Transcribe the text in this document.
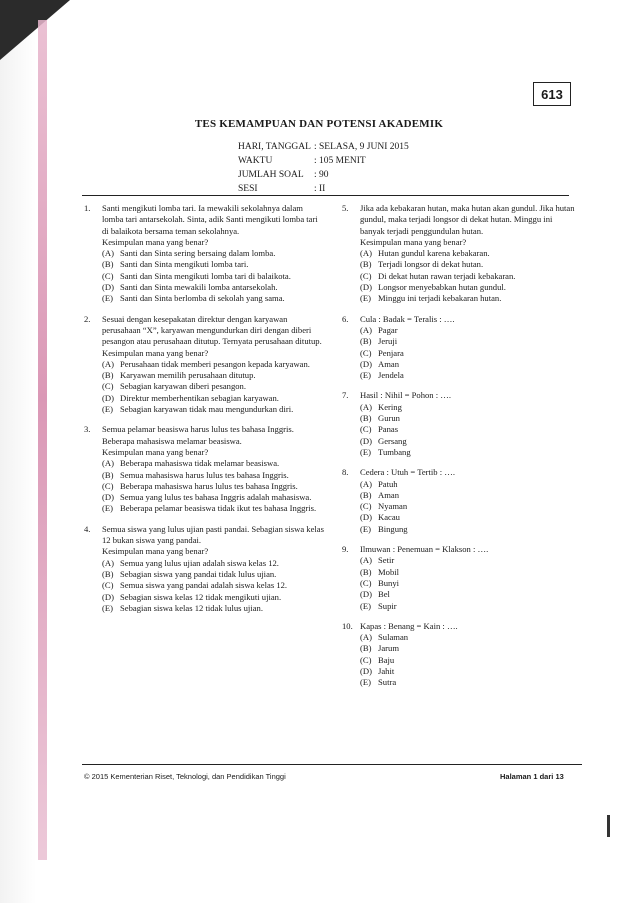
613
TES KEMAMPUAN DAN POTENSI AKADEMIK
HARI, TANGGAL : SELASA, 9 JUNI 2015
WAKTU	: 105 MENIT
JUMLAH SOAL	: 90
SESI	: II
1.	Santi mengikuti lomba tari. Ia mewakili sekolahnya dalam lomba tari antarsekolah. Sinta, adik Santi mengikuti lomba tari di balaikota bersama teman sekolahnya.
Kesimpulan mana yang benar?
(A) Santi dan Sinta sering bersaing dalam lomba.
(B) Santi dan Sinta mengikuti lomba tari.
(C) Santi dan Sinta mengikuti lomba tari di balaikota.
(D) Santi dan Sinta mewakili lomba antarsekolah.
(E) Santi dan Sinta berlomba di sekolah yang sama.
2.	Sesuai dengan kesepakatan direktur dengan karyawan perusahaan “X”, karyawan mengundurkan diri dengan diberi pesangon atau perusahaan ditutup. Ternyata perusahaan ditutup.
Kesimpulan mana yang benar?
(A) Perusahaan tidak memberi pesangon kepada karyawan.
(B) Karyawan memilih perusahaan ditutup.
(C) Sebagian karyawan diberi pesangon.
(D) Direktur memberhentikan sebagian karyawan.
(E) Sebagian karyawan tidak mau mengundurkan diri.
3.	Semua pelamar beasiswa harus lulus tes bahasa Inggris. Beberapa mahasiswa melamar beasiswa.
Kesimpulan mana yang benar?
(A) Beberapa mahasiswa tidak melamar beasiswa.
(B) Semua mahasiswa harus lulus tes bahasa Inggris.
(C) Beberapa mahasiswa harus lulus tes bahasa Inggris.
(D) Semua yang lulus tes bahasa Inggris adalah mahasiswa.
(E) Beberapa pelamar beasiswa tidak ikut tes bahasa Inggris.
4.	Semua siswa yang lulus ujian pasti pandai. Sebagian siswa kelas 12 bukan siswa yang pandai.
Kesimpulan mana yang benar?
(A) Semua yang lulus ujian adalah siswa kelas 12.
(B) Sebagian siswa yang pandai tidak lulus ujian.
(C) Semua siswa yang pandai adalah siswa kelas 12.
(D) Sebagian siswa kelas 12 tidak mengikuti ujian.
(E) Sebagian siswa kelas 12 tidak lulus ujian.
5.	Jika ada kebakaran hutan, maka hutan akan gundul. Jika hutan gundul, maka terjadi longsor di dekat hutan. Minggu ini banyak terjadi penggundulan hutan.
Kesimpulan mana yang benar?
(A) Hutan gundul karena kebakaran.
(B) Terjadi longsor di dekat hutan.
(C) Di dekat hutan rawan terjadi kebakaran.
(D) Longsor menyebabkan hutan gundul.
(E) Minggu ini terjadi kebakaran hutan.
6.	Cula : Badak = Teralis : ….
(A) Pagar
(B) Jeruji
(C) Penjara
(D) Aman
(E) Jendela
7.	Hasil : Nihil = Pohon : ….
(A) Kering
(B) Gurun
(C) Panas
(D) Gersang
(E) Tumbang
8.	Cedera : Utuh = Tertib : ….
(A) Patuh
(B) Aman
(C) Nyaman
(D) Kacau
(E) Bingung
9.	Ilmuwan : Penemuan = Klakson : ….
(A) Setir
(B) Mobil
(C) Bunyi
(D) Bel
(E) Supir
10. Kapas : Benang = Kain : ….
(A) Sulaman
(B) Jarum
(C) Baju
(D) Jahit
(E) Sutra
© 2015 Kementerian Riset, Teknologi, dan Pendidikan Tinggi	Halaman 1 dari 13
